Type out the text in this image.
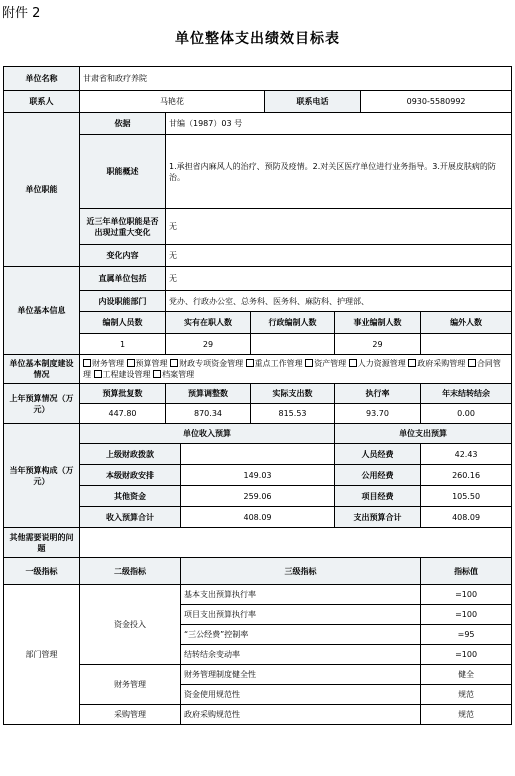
附件 2
单位整体支出绩效目标表
单位名称	甘肃省和政疗养院							
联系人	马艳花				联系电话		0930-5580992	
单位职能	依据	甘编（1987）03 号						
	职能概述	1.承担省内麻风人的治疗、预防及疫情。2.对关区医疗单位进行业务指导。3.开展皮肤病的防治。						
	近三年单位职能是否出现过重大变化	无						
	变化内容	无						
单位基本信息	直属单位包括	无						
	内设职能部门	党办、行政办公室、总务科、医务科、麻防科、护理部、						
	编制人员数	实有在职人数		行政编制人数		事业编制人数		编外人数
	1	29				29		
单位基本制度建设情况	财务管理 预算管理 财政专项资金管理 重点工作管理 资产管理 人力资源管理 政府采购管理 合同管理 工程建设管理 档案管理							
上年预算情况（万元）	预算批复数	预算调整数		实际支出数		执行率		年末结转结余
	447.80	870.34		815.53		93.70		0.00
当年预算构成（万元）	单位收入预算					单位支出预算		
	上级财政拨款					人员经费		42.43
	本级财政安排		149.03			公用经费		260.16
	其他资金		259.06			项目经费		105.50
	收入预算合计		408.09			支出预算合计		408.09
其他需要说明的问题								
一级指标	二级指标		三级指标					指标值
部门管理	资金投入		基本支出预算执行率					=100
			项目支出预算执行率					=100
			“三公经费”控制率					=95
			结转结余变动率					=100
	财务管理		财务管理制度健全性					健全
			资金使用规范性					规范
	采购管理		政府采购规范性					规范
